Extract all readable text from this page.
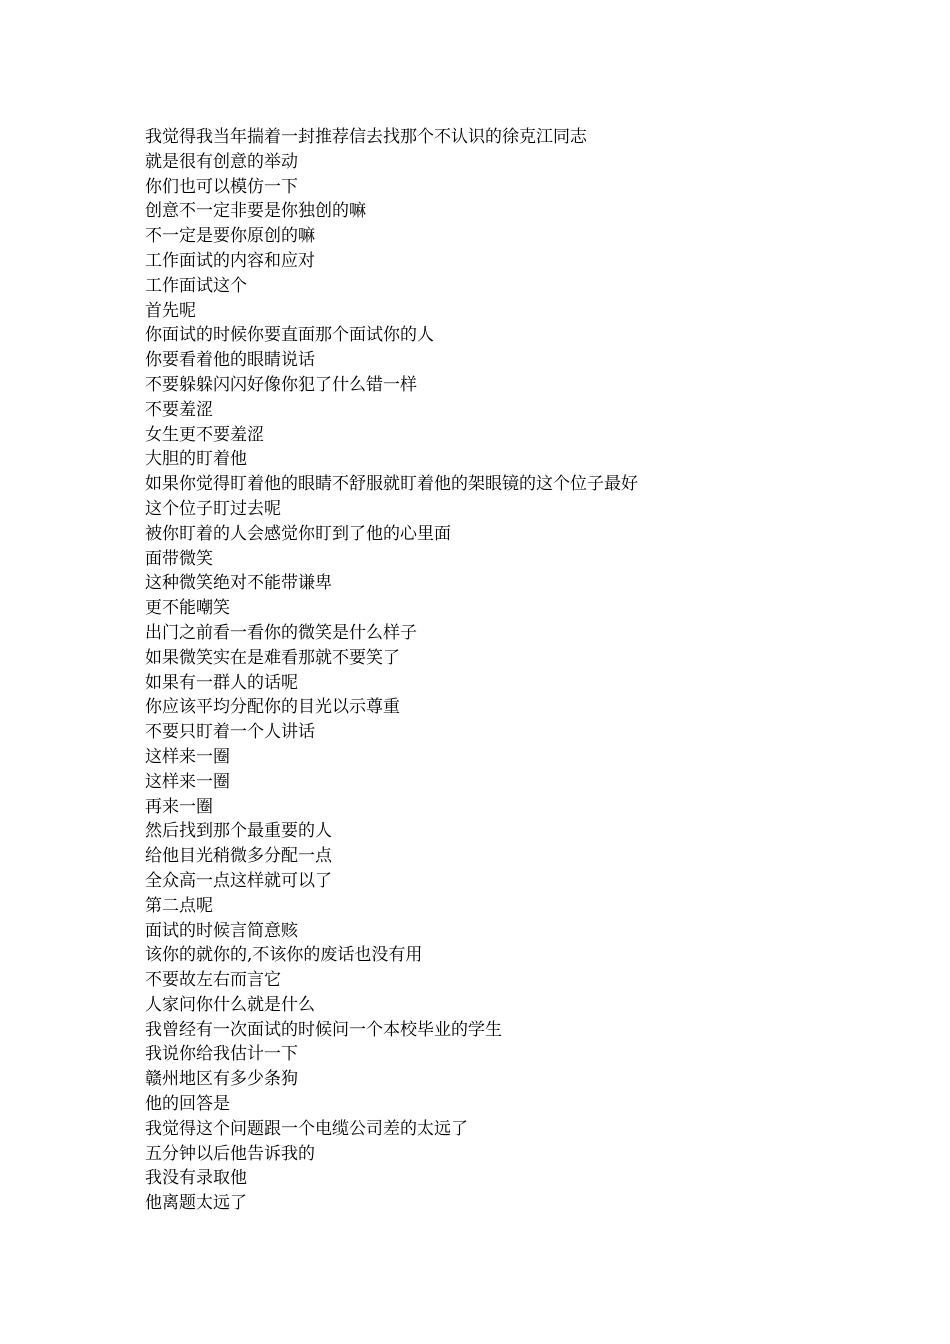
我觉得我当年揣着一封推荐信去找那个不认识的徐克江同志
就是很有创意的举动
你们也可以模仿一下
创意不一定非要是你独创的嘛
不一定是要你原创的嘛
工作面试的内容和应对
工作面试这个
首先呢
你面试的时候你要直面那个面试你的人
你要看着他的眼睛说话
不要躲躲闪闪好像你犯了什么错一样
不要羞涩
女生更不要羞涩
大胆的盯着他
如果你觉得盯着他的眼睛不舒服就盯着他的架眼镜的这个位子最好
这个位子盯过去呢
被你盯着的人会感觉你盯到了他的心里面
面带微笑
这种微笑绝对不能带谦卑
更不能嘲笑
出门之前看一看你的微笑是什么样子
如果微笑实在是难看那就不要笑了
如果有一群人的话呢
你应该平均分配你的目光以示尊重
不要只盯着一个人讲话
这样来一圈
这样来一圈
再来一圈
然后找到那个最重要的人
给他目光稍微多分配一点
全众高一点这样就可以了
第二点呢
面试的时候言简意赅
该你的就你的,不该你的废话也没有用
不要故左右而言它
人家问你什么就是什么
我曾经有一次面试的时候问一个本校毕业的学生
我说你给我估计一下
赣州地区有多少条狗
他的回答是
我觉得这个问题跟一个电缆公司差的太远了
五分钟以后他告诉我的
我没有录取他
他离题太远了
